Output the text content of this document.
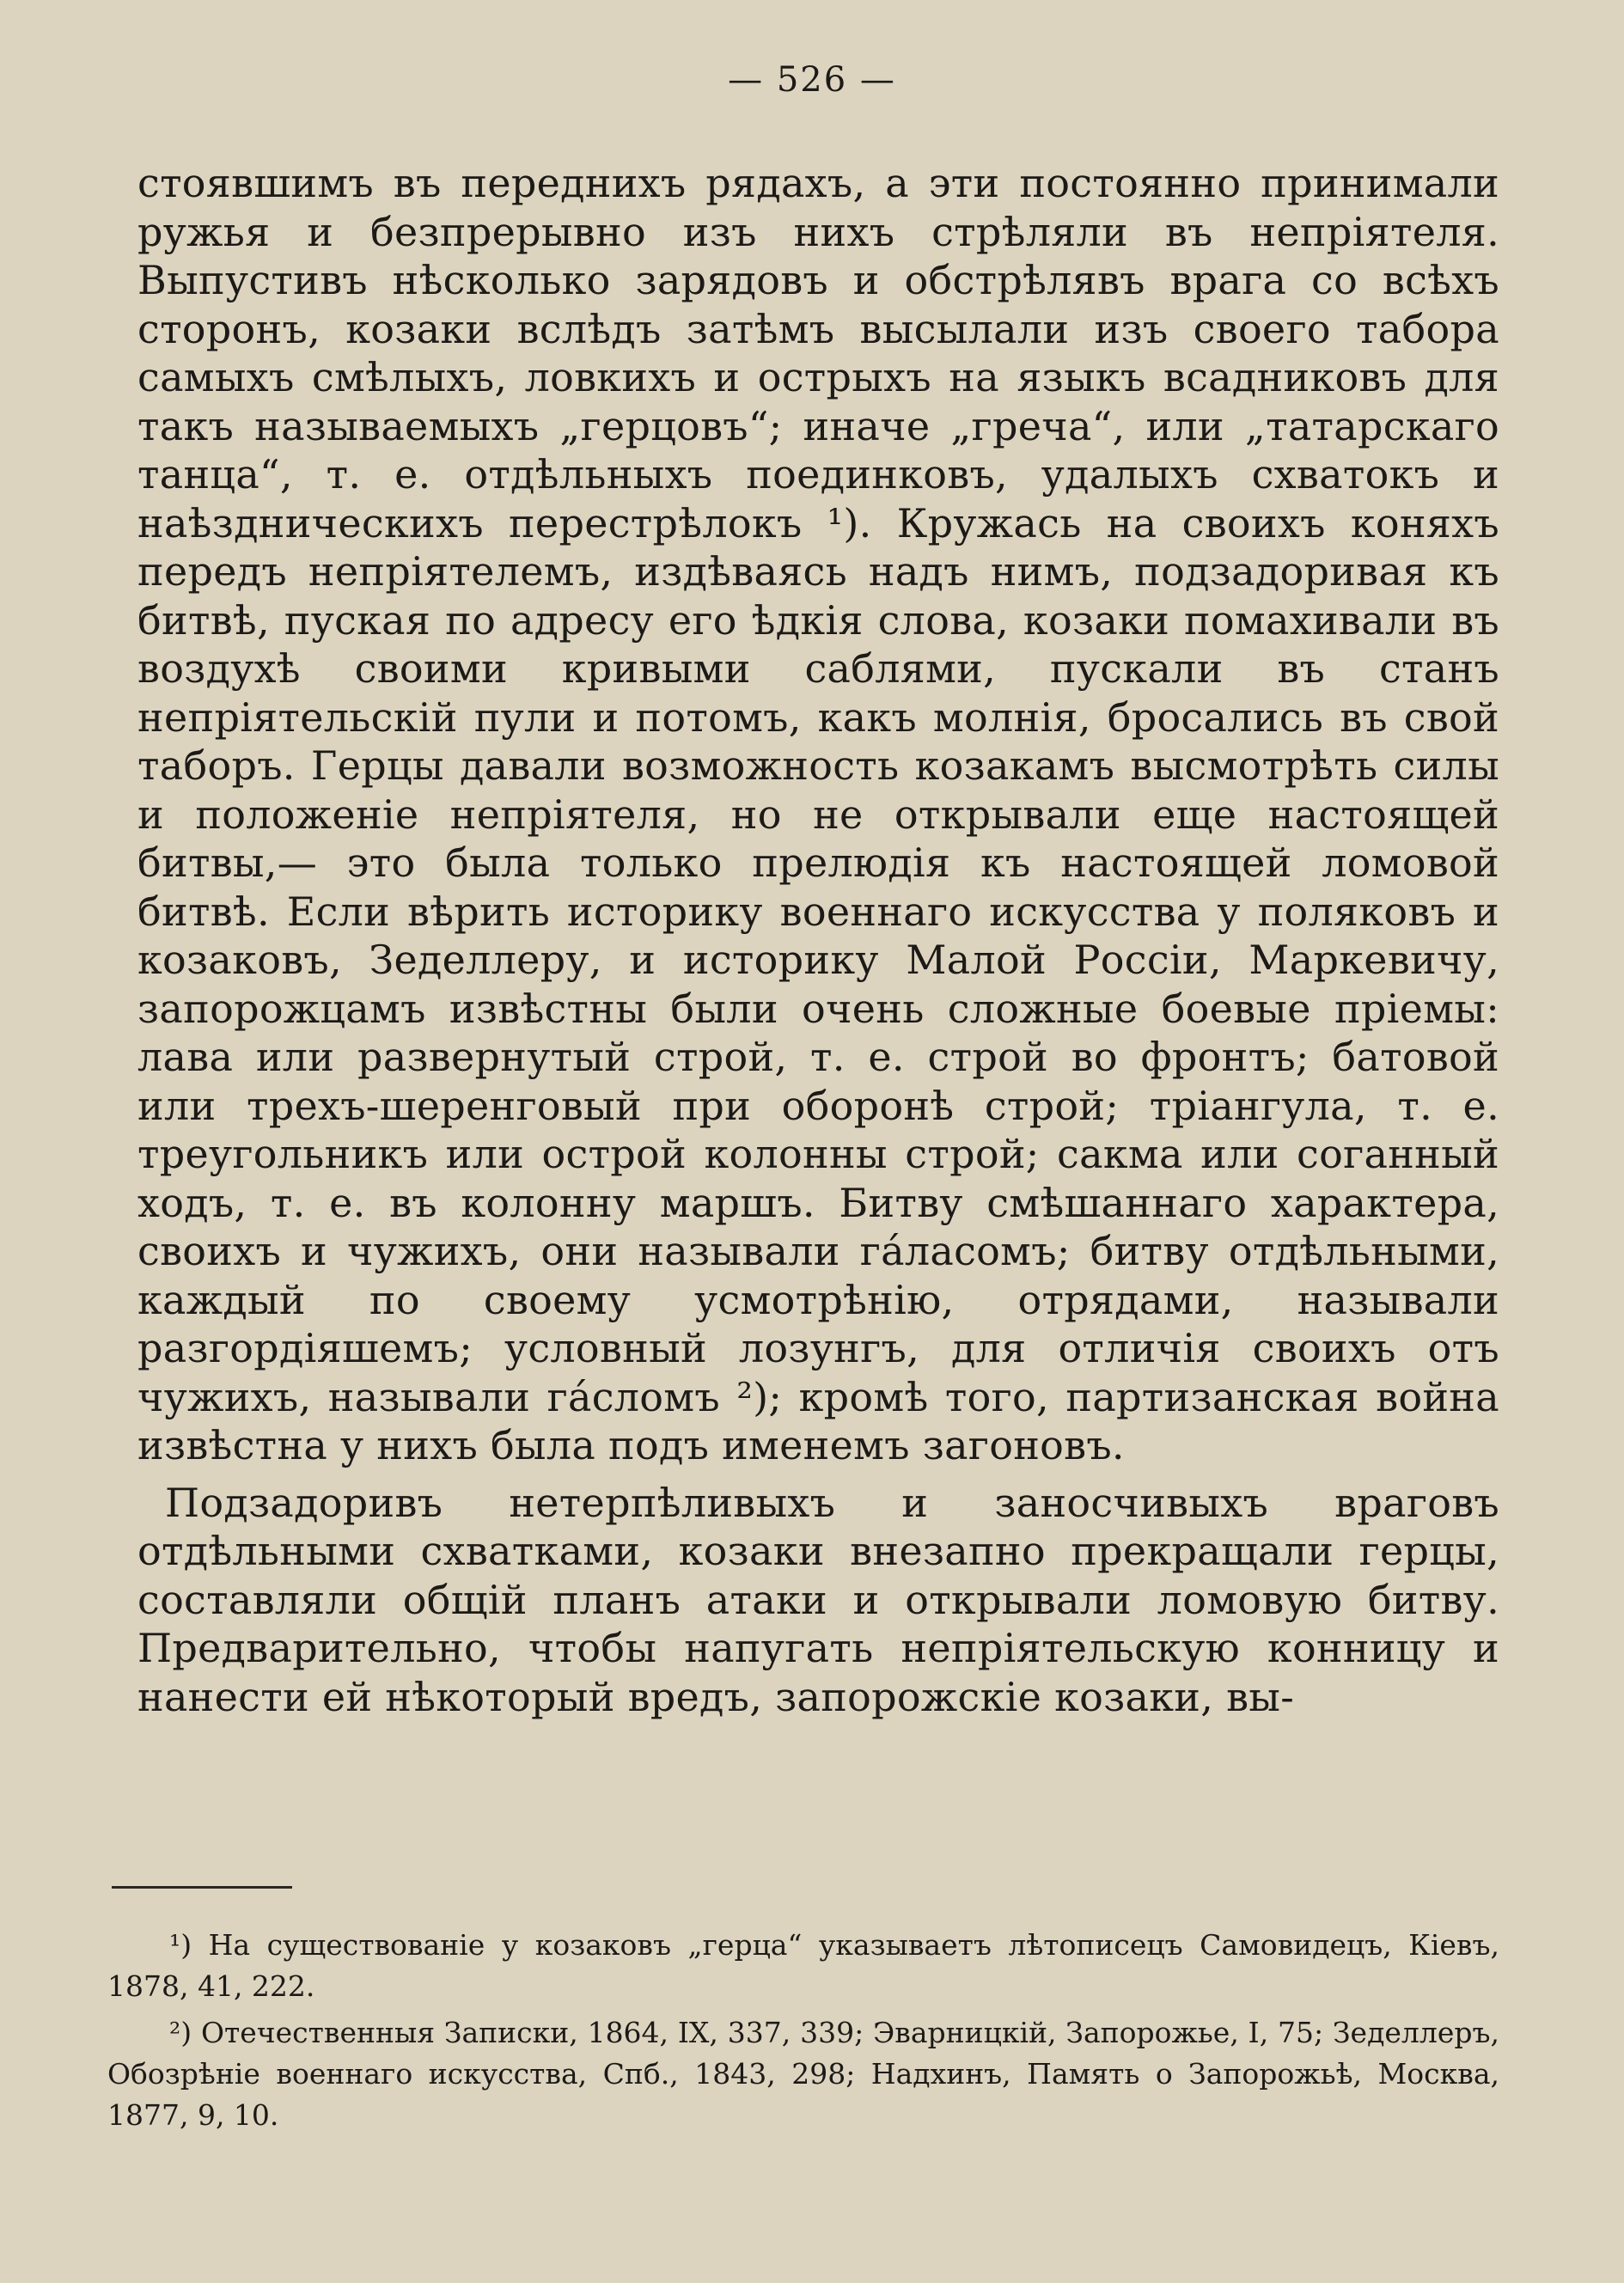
— 526 —

стоявшимъ въ переднихъ рядахъ, а эти постоянно принимали ружья и безпрерывно изъ нихъ стрѣляли въ непріятеля. Выпустивъ нѣсколько зарядовъ и обстрѣлявъ врага со всѣхъ сторонъ, козаки вслѣдъ затѣмъ высылали изъ своего табора самыхъ смѣлыхъ, ловкихъ и острыхъ на языкъ всадниковъ для такъ называемыхъ „герцовъ“; иначе „греча“, или „татарскаго танца“, т. е. отдѣльныхъ поединковъ, удалыхъ схватокъ и наѣздническихъ перестрѣлокъ ¹). Кружась на своихъ коняхъ передъ непріятелемъ, издѣваясь надъ нимъ, подзадоривая къ битвѣ, пуская по адресу его ѣдкія слова, козаки помахивали въ воздухѣ своими кривыми саблями, пускали въ станъ непріятельскій пули и потомъ, какъ молнія, бросались въ свой таборъ. Герцы давали возможность козакамъ высмотрѣть силы и положеніе непріятеля, но не открывали еще настоящей битвы,— это была только прелюдія къ настоящей ломовой битвѣ. Если вѣрить историку военнаго искусства у поляковъ и козаковъ, Зеделлеру, и историку Малой Россіи, Маркевичу, запорожцамъ извѣстны были очень сложные боевые пріемы: лава или развернутый строй, т. е. строй во фронтъ; батовой или трехъ-шеренговый при оборонѣ строй; тріангула, т. е. треугольникъ или острой колонны строй; сакма или соганный ходъ, т. е. въ колонну маршъ. Битву смѣшаннаго характера, своихъ и чужихъ, они называли гáласомъ; битву отдѣльными, каждый по своему усмотрѣнію, отрядами, называли разгордіяшемъ; условный лозунгъ, для отличія своихъ отъ чужихъ, называли гáсломъ ²); кромѣ того, партизанская война извѣстна у нихъ была подъ именемъ загоновъ.

Подзадоривъ нетерпѣливыхъ и заносчивыхъ враговъ отдѣльными схватками, козаки внезапно прекращали герцы, составляли общій планъ атаки и открывали ломовую битву. Предварительно, чтобы напугать непріятельскую конницу и нанести ей нѣкоторый вредъ, запорожскіе козаки, вы-

¹) На существованіе у козаковъ „герца“ указываетъ лѣтописецъ Самовидецъ, Кіевъ, 1878, 41, 222.

²) Отечественныя Записки, 1864, IX, 337, 339; Эварницкій, Запорожье, I, 75; Зеделлеръ, Обозрѣніе военнаго искусства, Спб., 1843, 298; Надхинъ, Память о Запорожьѣ, Москва, 1877, 9, 10.
